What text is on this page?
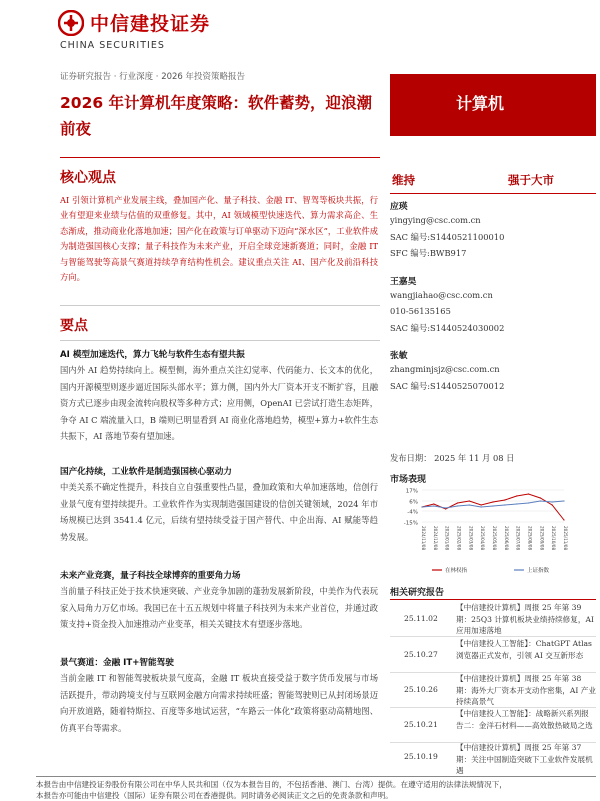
中信建投证券
CHINA SECURITIES
证券研究报告 · 行业深度 · 2026 年投资策略报告
2026 年计算机年度策略：软件蓄势，迎浪潮前夜
计算机
核心观点
AI 引领计算机产业发展主线，叠加国产化、量子科技、金融 IT、智驾等板块共振，行业有望迎来业绩与估值的双重修复。其中，AI 领域模型快速迭代、算力需求高企、生态渐成，推动商业化落地加速；国产化在政策与订单驱动下迈向“深水区”，工业软件成为制造强国核心支撑；量子科技作为未来产业，开启全球竞速新赛道；同时，金融 IT 与智能驾驶等高景气赛道持续孕育结构性机会。建议重点关注 AI、国产化及前沿科技方向。
要点
AI 模型加速迭代，算力飞轮与软件生态有望共振
国内外 AI 趋势持续向上。模型侧，海外重点关注幻觉率、代码能力、长文本的优化，国内开源模型则逐步逼近国际头部水平；算力侧，国内外大厂资本开支不断扩容，且融资方式已逐步由现金流转向股权等多种方式；应用侧，OpenAI 已尝试打造生态矩阵，争夺 AI C 端流量入口，B 端则已明显看到 AI 商业化落地趋势，模型+算力+软件生态共振下，AI 落地节奏有望加速。
国产化持续，工业软件是制造强国核心驱动力
中美关系不确定性提升，科技自立自强重要性凸显，叠加政策和大单加速落地，信创行业景气度有望持续提升。工业软件作为实现制造强国建设的信创关键领域，2024 年市场规模已达到 3541.4 亿元，后续有望持续受益于国产替代、中企出海、AI 赋能等趋势发展。
未来产业竞赛，量子科技全球博弈的重要角力场
当前量子科技正处于技术快速突破、产业竞争加剧的蓬勃发展新阶段，中美作为代表玩家入局角力万亿市场。我国已在十五五规划中将量子科技列为未来产业首位，并通过政策支持+资金投入加速推动产业变革，相关关键技术有望逐步落地。
景气赛道：金融 IT+智能驾驶
当前金融 IT 和智能驾驶板块景气度高，金融 IT 板块直接受益于数字货币发展与市场活跃提升，带动跨境支付与互联网金融方向需求持续旺盛；智能驾驶则已从封闭场景迈向开放道路，随着特斯拉、百度等多地试运营，“车路云一体化”政策将驱动高精地图、仿真平台等需求。
维持	强于大市
应瑛
yingying@csc.com.cn
SAC 编号:S1440521100010
SFC 编号:BWB917
王嘉昊
wangjiahao@csc.com.cn
010-56135165
SAC 编号:S1440524030002
张敏
zhangminjsjz@csc.com.cn
SAC 编号:S1440525070012
发布日期： 2025 年 11 月 08 日
市场表现
17%
6%
-4%
-15%
2024/11/08 2024/12/08 2025/01/08 2025/02/08 2025/03/08 2025/04/08 2025/05/08 2025/06/08 2025/07/08 2025/08/08 2025/09/08 2025/10/08 2025/11/08
在林权指	上证指数
相关研究报告
25.11.02
【中信建投计算机】周报 25 年第 39 期：25Q3 计算机板块业绩持续修复，AI 应用加速落地
25.10.27
【中信建投人工智能】：ChatGPT Atlas 浏览器正式发布，引领 AI 交互新形态
25.10.26
【中信建投计算机】周报 25 年第 38 期：海外大厂资本开支动作密集，AI 产业持续高景气
25.10.21
【中信建投人工智能】：战略新兴系列报告二：金洋石材料——高效散热破局之选
25.10.19
【中信建投计算机】周报 25 年第 37 期：关注中国制造突破下工业软件发展机遇
本报告由中信建投证券股份有限公司在中华人民共和国（仅为本报告目的，不包括香港、澳门、台湾）提供。在遵守适用的法律法规情况下，
本报告亦可能由中信建投（国际）证券有限公司在香港提供。同时请务必阅读正文之后的免责条款和声明。
